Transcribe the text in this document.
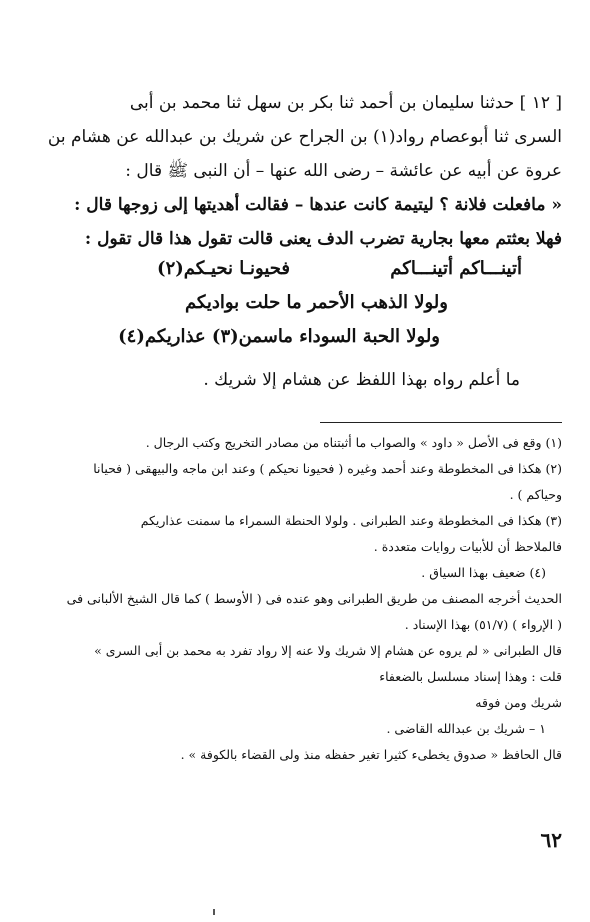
[ ١٢ ] حدثنا سليمان بن أحمد ثنا بكر بن سهل ثنا محمد بن أبى

السرى ثنا أبوعصام رواد(١) بن الجراح عن شريك بن عبدالله عن هشام بن

عروة عن أبيه عن عائشة – رضى الله عنها – أن النبى ﷺ قال :

« مافعلت فلانة ؟ ليتيمة كانت عندها – فقالت أهديتها إلى زوجها قال :

فهلا بعثتم معها بجارية تضرب الدف يعنى قالت تقول هذا قال تقول :

أتينـــاكم أتينـــاكم
فحيونـا نحيـكم(٢)
ولولا الذهب الأحمر ما حلت بواديكم
ولولا الحبة السوداء ماسمن(٣) عذاريكم(٤)
ما أعلم رواه بهذا اللفظ عن هشام إلا شريك .

(١) وقع فى الأصل « داود » والصواب ما أثبتناه من مصادر التخريج وكتب الرجال .

(٢) هكذا فى المخطوطة وعند أحمد وغيره ( فحيونا نحيكم ) وعند ابن ماجه والبيهقى ( فحيانا

وحياكم ) .

(٣) هكذا فى المخطوطة وعند الطبرانى . ولولا الحنطة السمراء ما سمنت عذاريكم

فالملاحظ أن للأبيات روايات متعددة .

(٤) ضعيف بهذا السياق .

الحديث أخرجه المصنف من طريق الطبرانى وهو عنده فى ( الأوسط ) كما قال الشيخ الألبانى فى

( الإرواء ) (٥١/٧) بهذا الإسناد .

قال الطبرانى « لم يروه عن هشام إلا شريك ولا عنه إلا رواد تفرد به محمد بن أبى السرى »

قلت : وهذا إسناد مسلسل بالضعفاء

شريك ومن فوقه

١ – شريك بن عبدالله القاضى .

قال الحافظ « صدوق يخطىء كثيرا تغير حفظه منذ ولى القضاء بالكوفة » .

٦٢
